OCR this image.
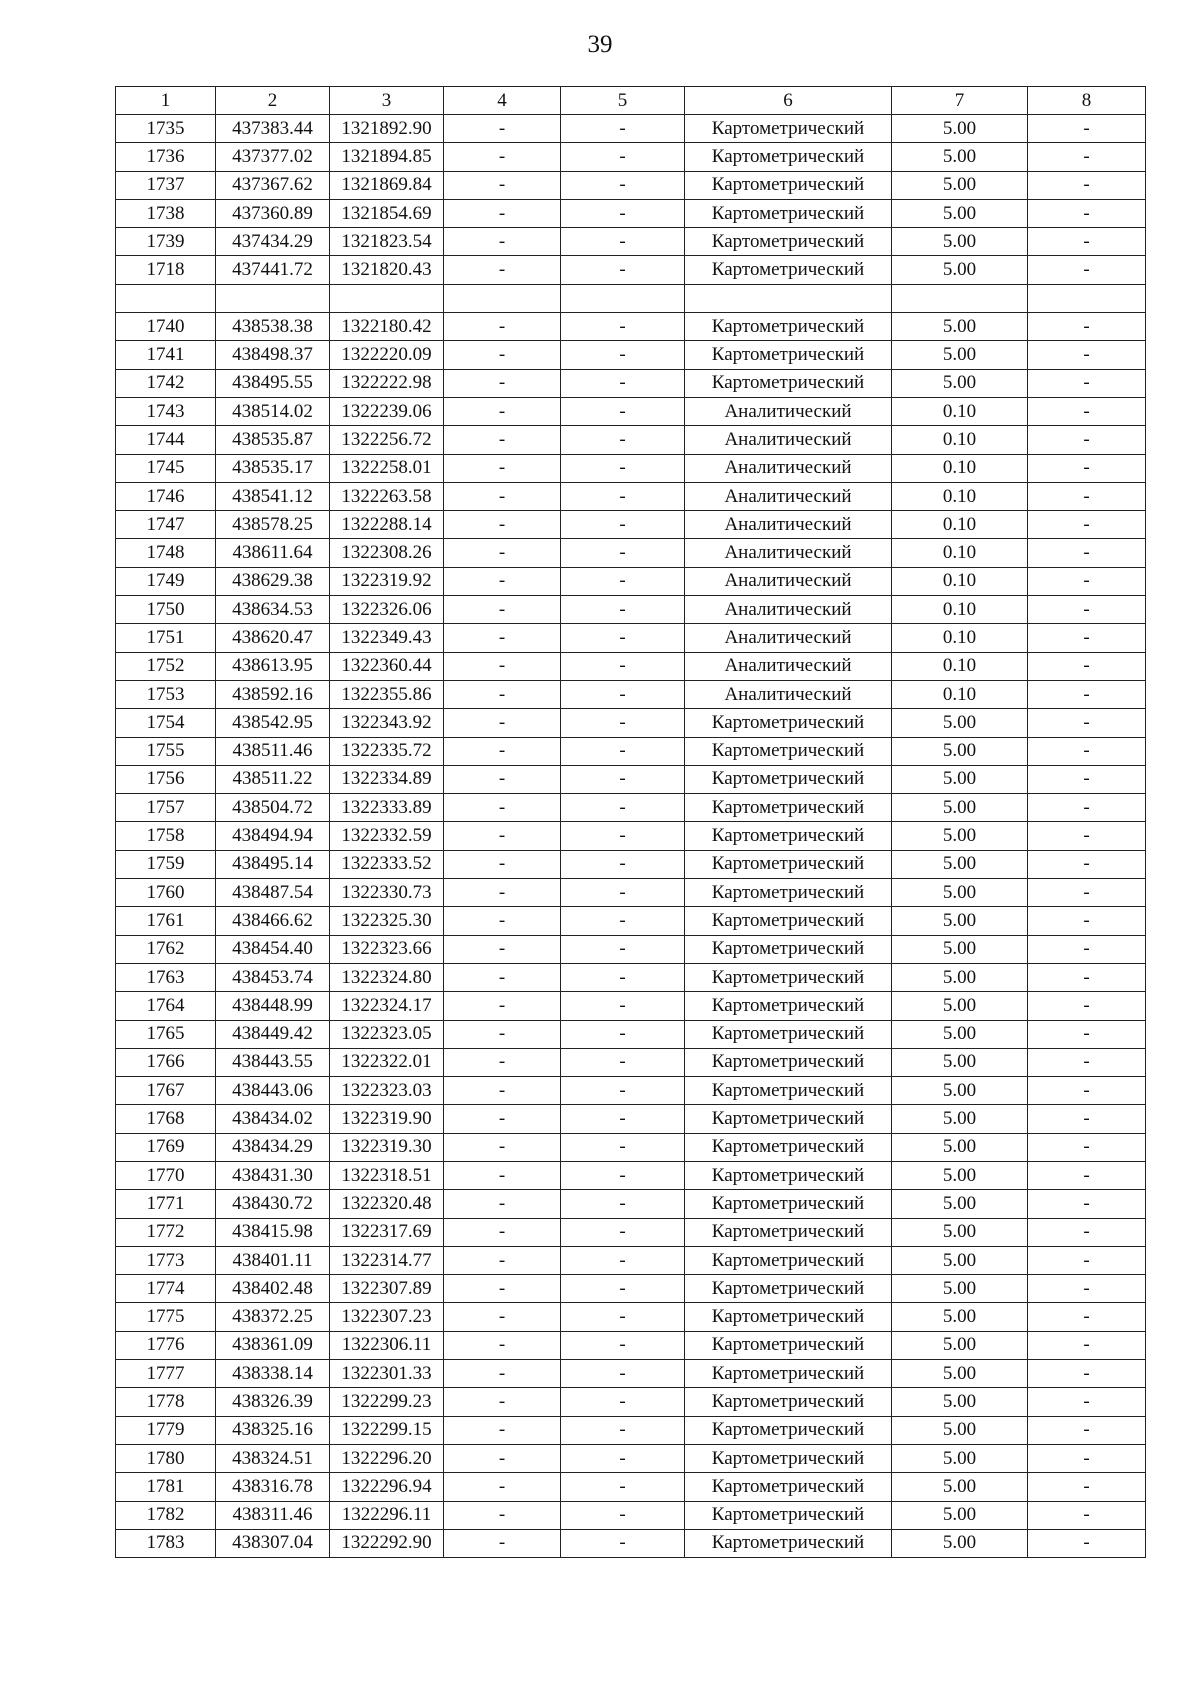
39
1	2	3	4	5	6	7	8
1735	437383.44	1321892.90	-	-	Картометрический	5.00	-
1736	437377.02	1321894.85	-	-	Картометрический	5.00	-
1737	437367.62	1321869.84	-	-	Картометрический	5.00	-
1738	437360.89	1321854.69	-	-	Картометрический	5.00	-
1739	437434.29	1321823.54	-	-	Картометрический	5.00	-
1718	437441.72	1321820.43	-	-	Картометрический	5.00	-

1740	438538.38	1322180.42	-	-	Картометрический	5.00	-
1741	438498.37	1322220.09	-	-	Картометрический	5.00	-
1742	438495.55	1322222.98	-	-	Картометрический	5.00	-
1743	438514.02	1322239.06	-	-	Аналитический	0.10	-
1744	438535.87	1322256.72	-	-	Аналитический	0.10	-
1745	438535.17	1322258.01	-	-	Аналитический	0.10	-
1746	438541.12	1322263.58	-	-	Аналитический	0.10	-
1747	438578.25	1322288.14	-	-	Аналитический	0.10	-
1748	438611.64	1322308.26	-	-	Аналитический	0.10	-
1749	438629.38	1322319.92	-	-	Аналитический	0.10	-
1750	438634.53	1322326.06	-	-	Аналитический	0.10	-
1751	438620.47	1322349.43	-	-	Аналитический	0.10	-
1752	438613.95	1322360.44	-	-	Аналитический	0.10	-
1753	438592.16	1322355.86	-	-	Аналитический	0.10	-
1754	438542.95	1322343.92	-	-	Картометрический	5.00	-
1755	438511.46	1322335.72	-	-	Картометрический	5.00	-
1756	438511.22	1322334.89	-	-	Картометрический	5.00	-
1757	438504.72	1322333.89	-	-	Картометрический	5.00	-
1758	438494.94	1322332.59	-	-	Картометрический	5.00	-
1759	438495.14	1322333.52	-	-	Картометрический	5.00	-
1760	438487.54	1322330.73	-	-	Картометрический	5.00	-
1761	438466.62	1322325.30	-	-	Картометрический	5.00	-
1762	438454.40	1322323.66	-	-	Картометрический	5.00	-
1763	438453.74	1322324.80	-	-	Картометрический	5.00	-
1764	438448.99	1322324.17	-	-	Картометрический	5.00	-
1765	438449.42	1322323.05	-	-	Картометрический	5.00	-
1766	438443.55	1322322.01	-	-	Картометрический	5.00	-
1767	438443.06	1322323.03	-	-	Картометрический	5.00	-
1768	438434.02	1322319.90	-	-	Картометрический	5.00	-
1769	438434.29	1322319.30	-	-	Картометрический	5.00	-
1770	438431.30	1322318.51	-	-	Картометрический	5.00	-
1771	438430.72	1322320.48	-	-	Картометрический	5.00	-
1772	438415.98	1322317.69	-	-	Картометрический	5.00	-
1773	438401.11	1322314.77	-	-	Картометрический	5.00	-
1774	438402.48	1322307.89	-	-	Картометрический	5.00	-
1775	438372.25	1322307.23	-	-	Картометрический	5.00	-
1776	438361.09	1322306.11	-	-	Картометрический	5.00	-
1777	438338.14	1322301.33	-	-	Картометрический	5.00	-
1778	438326.39	1322299.23	-	-	Картометрический	5.00	-
1779	438325.16	1322299.15	-	-	Картометрический	5.00	-
1780	438324.51	1322296.20	-	-	Картометрический	5.00	-
1781	438316.78	1322296.94	-	-	Картометрический	5.00	-
1782	438311.46	1322296.11	-	-	Картометрический	5.00	-
1783	438307.04	1322292.90	-	-	Картометрический	5.00	-
